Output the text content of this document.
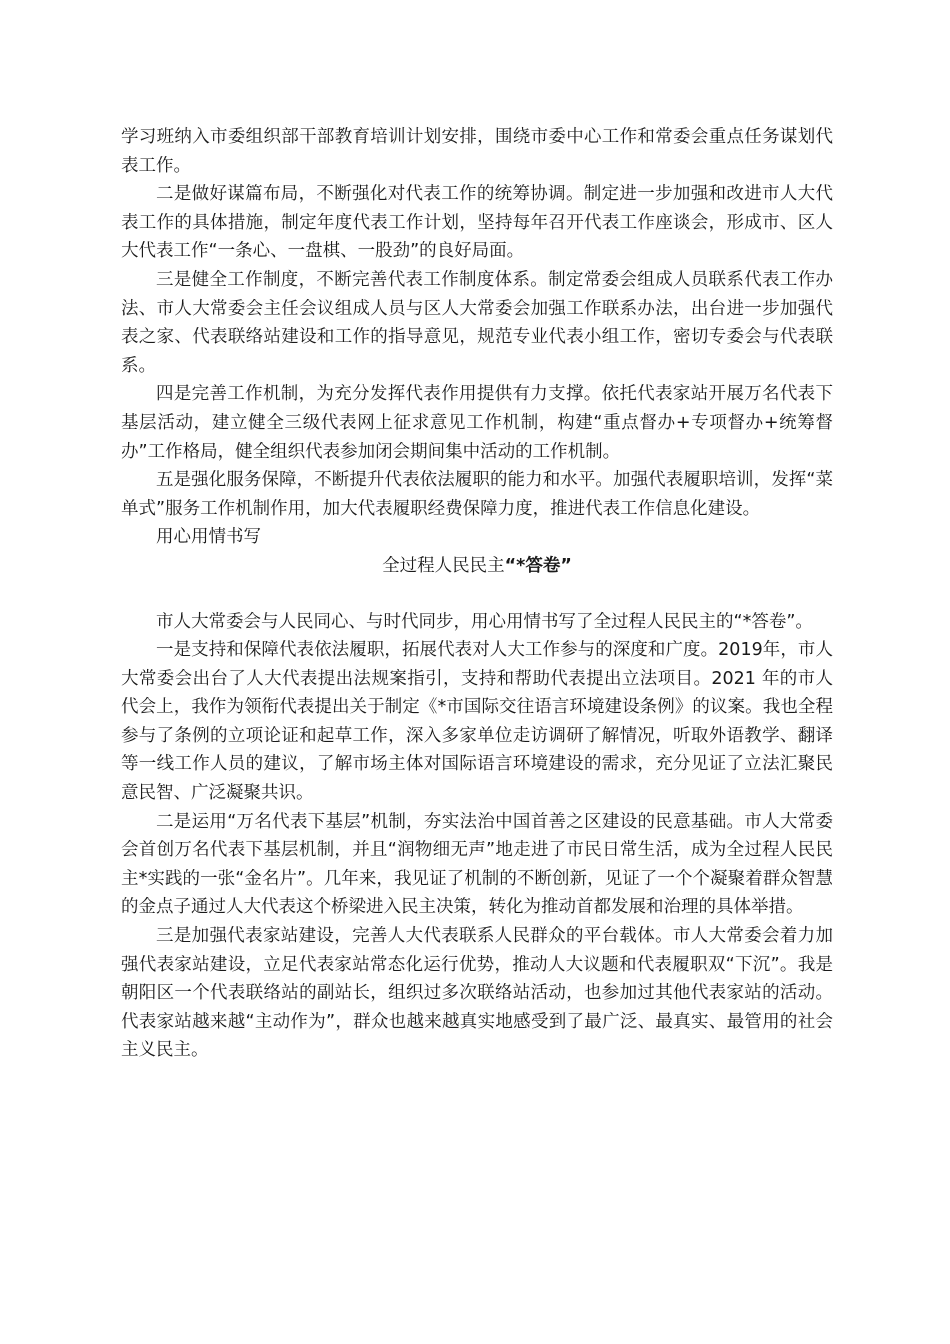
学习班纳入市委组织部干部教育培训计划安排，围绕市委中心工作和常委会重点任务谋划代表工作。

二是做好谋篇布局，不断强化对代表工作的统筹协调。制定进一步加强和改进市人大代表工作的具体措施，制定年度代表工作计划，坚持每年召开代表工作座谈会，形成市、区人大代表工作“一条心、一盘棋、一股劲”的良好局面。

三是健全工作制度，不断完善代表工作制度体系。制定常委会组成人员联系代表工作办法、市人大常委会主任会议组成人员与区人大常委会加强工作联系办法，出台进一步加强代表之家、代表联络站建设和工作的指导意见，规范专业代表小组工作，密切专委会与代表联系。

四是完善工作机制，为充分发挥代表作用提供有力支撑。依托代表家站开展万名代表下基层活动，建立健全三级代表网上征求意见工作机制，构建“重点督办+专项督办+统筹督办”工作格局，健全组织代表参加闭会期间集中活动的工作机制。

五是强化服务保障，不断提升代表依法履职的能力和水平。加强代表履职培训，发挥“菜单式”服务工作机制作用，加大代表履职经费保障力度，推进代表工作信息化建设。

用心用情书写

全过程人民民主“*答卷”

市人大常委会与人民同心、与时代同步，用心用情书写了全过程人民民主的“*答卷”。

一是支持和保障代表依法履职，拓展代表对人大工作参与的深度和广度。2019年，市人大常委会出台了人大代表提出法规案指引，支持和帮助代表提出立法项目。2021 年的市人代会上，我作为领衔代表提出关于制定《*市国际交往语言环境建设条例》的议案。我也全程参与了条例的立项论证和起草工作，深入多家单位走访调研了解情况，听取外语教学、翻译等一线工作人员的建议，了解市场主体对国际语言环境建设的需求，充分见证了立法汇聚民意民智、广泛凝聚共识。

二是运用“万名代表下基层”机制，夯实法治中国首善之区建设的民意基础。市人大常委会首创万名代表下基层机制，并且“润物细无声”地走进了市民日常生活，成为全过程人民民主*实践的一张“金名片”。几年来，我见证了机制的不断创新，见证了一个个凝聚着群众智慧的金点子通过人大代表这个桥梁进入民主决策，转化为推动首都发展和治理的具体举措。

三是加强代表家站建设，完善人大代表联系人民群众的平台载体。市人大常委会着力加强代表家站建设，立足代表家站常态化运行优势，推动人大议题和代表履职双“下沉”。我是朝阳区一个代表联络站的副站长，组织过多次联络站活动，也参加过其他代表家站的活动。代表家站越来越“主动作为”，群众也越来越真实地感受到了最广泛、最真实、最管用的社会主义民主。
